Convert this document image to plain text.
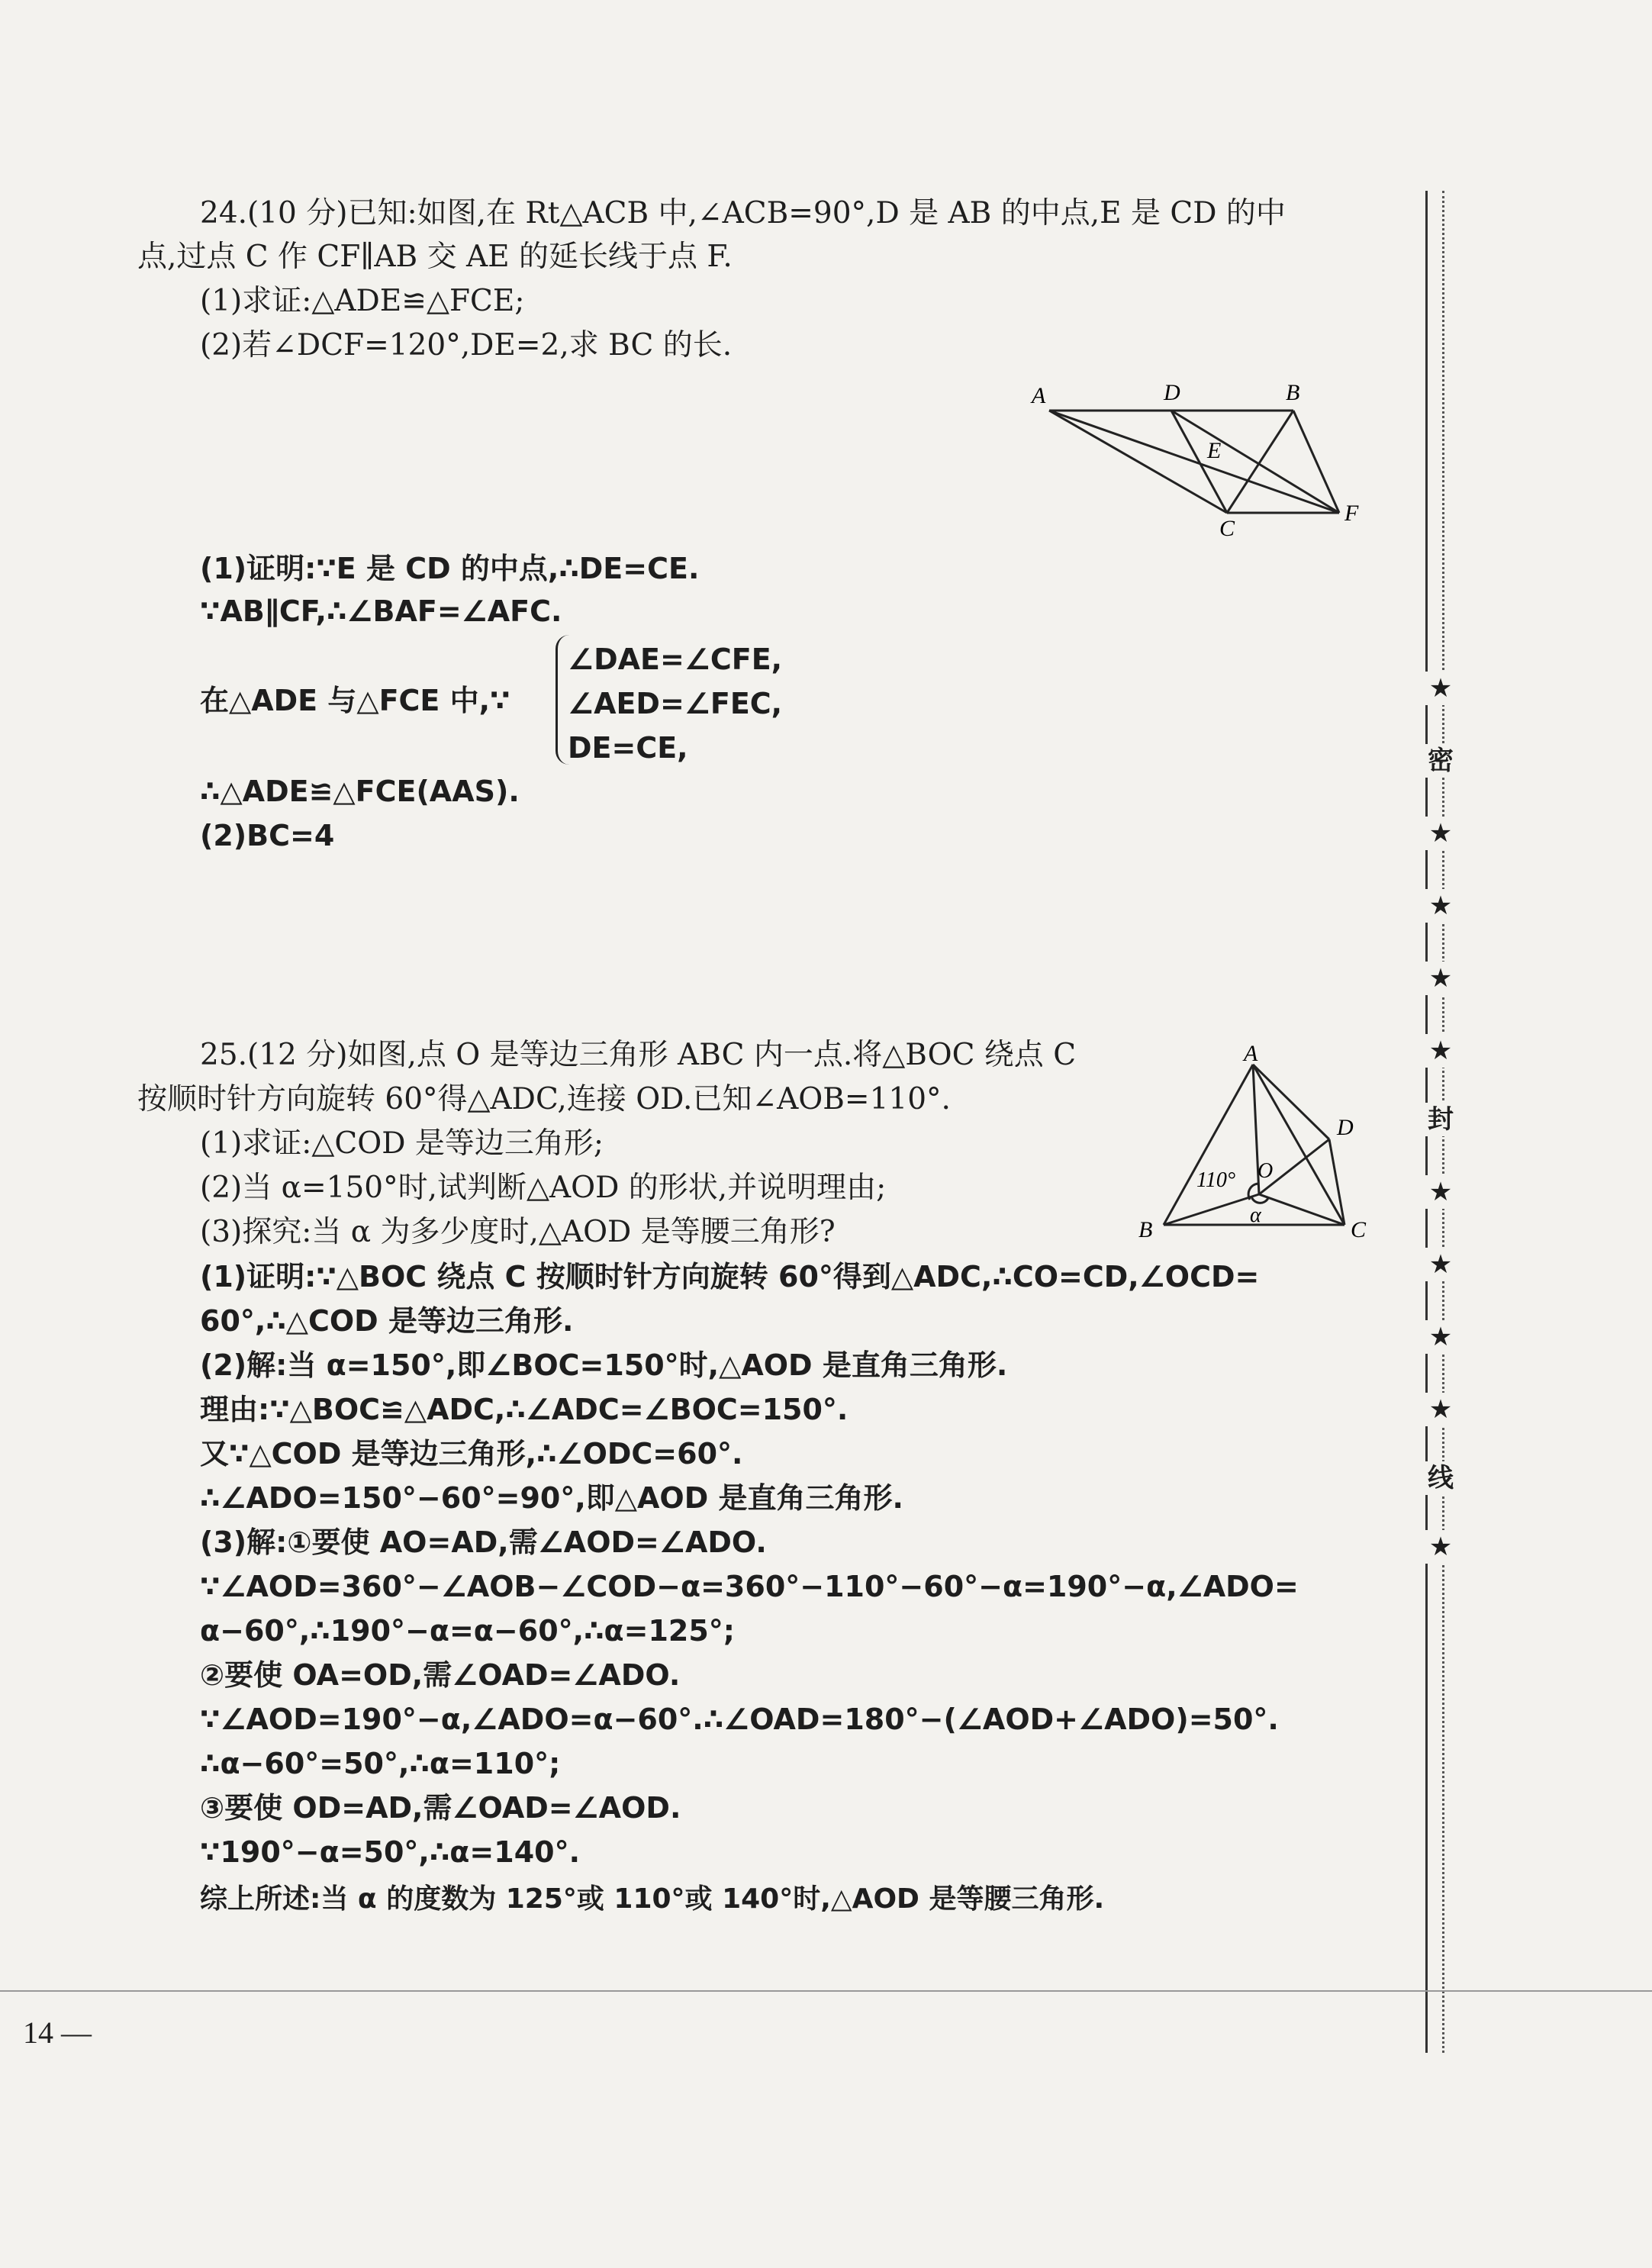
24.(10 分)已知:如图,在 Rt△ACB 中,∠ACB=90°,D 是 AB 的中点,E 是 CD 的中
点,过点 C 作 CF∥AB 交 AE 的延长线于点 F.
(1)求证:△ADE≌△FCE;
(2)若∠DCF=120°,DE=2,求 BC 的长.
A	D	B
E
C
F
(1)证明:∵E 是 CD 的中点,∴DE=CE.
∵AB∥CF,∴∠BAF=∠AFC.
在△ADE 与△FCE 中,∵
∠DAE=∠CFE,
∠AED=∠FEC,
DE=CE,
∴△ADE≌△FCE(AAS).
(2)BC=4
25.(12 分)如图,点 O 是等边三角形 ABC 内一点.将△BOC 绕点 C
按顺时针方向旋转 60°得△ADC,连接 OD.已知∠AOB=110°.
(1)求证:△COD 是等边三角形;
(2)当 α=150°时,试判断△AOD 的形状,并说明理由;
(3)探究:当 α 为多少度时,△AOD 是等腰三角形?
A
B	C
D
O
110°
α
(1)证明:∵△BOC 绕点 C 按顺时针方向旋转 60°得到△ADC,∴CO=CD,∠OCD=
60°,∴△COD 是等边三角形.
(2)解:当 α=150°,即∠BOC=150°时,△AOD 是直角三角形.
理由:∵△BOC≌△ADC,∴∠ADC=∠BOC=150°.
又∵△COD 是等边三角形,∴∠ODC=60°.
∴∠ADO=150°−60°=90°,即△AOD 是直角三角形.
(3)解:①要使 AO=AD,需∠AOD=∠ADO.
∵∠AOD=360°−∠AOB−∠COD−α=360°−110°−60°−α=190°−α,∠ADO=
α−60°,∴190°−α=α−60°,∴α=125°;
②要使 OA=OD,需∠OAD=∠ADO.
∵∠AOD=190°−α,∠ADO=α−60°.∴∠OAD=180°−(∠AOD+∠ADO)=50°.
∴α−60°=50°,∴α=110°;
③要使 OD=AD,需∠OAD=∠AOD.
∵190°−α=50°,∴α=140°.
综上所述:当 α 的度数为 125°或 110°或 140°时,△AOD 是等腰三角形.
★
密
★
★
★
★
封
★
★
★
★
线
★
14 —
